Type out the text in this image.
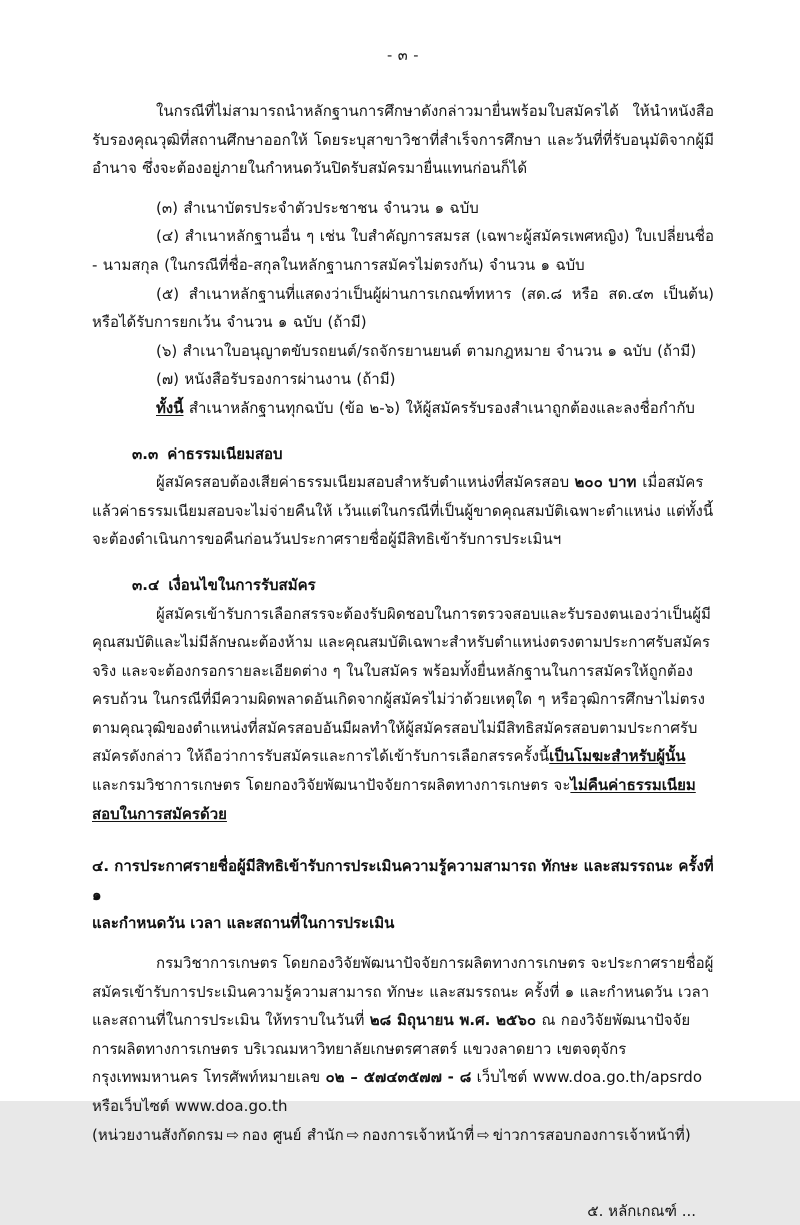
- ๓ -

ในกรณีที่ไม่สามารถนำหลักฐานการศึกษาดังกล่าวมายื่นพร้อมใบสมัครได้ ให้นำหนังสือรับรองคุณวุฒิที่สถานศึกษาออกให้ โดยระบุสาขาวิชาที่สำเร็จการศึกษา และวันที่ที่รับอนุมัติจากผู้มีอำนาจ ซึ่งจะต้องอยู่ภายในกำหนดวันปิดรับสมัครมายื่นแทนก่อนก็ได้

(๓) สำเนาบัตรประจำตัวประชาชน จำนวน ๑ ฉบับ

(๔) สำเนาหลักฐานอื่น ๆ เช่น ใบสำคัญการสมรส (เฉพาะผู้สมัครเพศหญิง) ใบเปลี่ยนชื่อ - นามสกุล (ในกรณีที่ชื่อ-สกุลในหลักฐานการสมัครไม่ตรงกัน) จำนวน ๑ ฉบับ

(๕) สำเนาหลักฐานที่แสดงว่าเป็นผู้ผ่านการเกณฑ์ทหาร (สด.๘ หรือ สด.๔๓ เป็นต้น) หรือได้รับการยกเว้น จำนวน ๑ ฉบับ (ถ้ามี)

(๖) สำเนาใบอนุญาตขับรถยนต์/รถจักรยานยนต์ ตามกฎหมาย จำนวน ๑ ฉบับ (ถ้ามี)

(๗) หนังสือรับรองการผ่านงาน (ถ้ามี)

ทั้งนี้ สำเนาหลักฐานทุกฉบับ (ข้อ ๒-๖) ให้ผู้สมัครรับรองสำเนาถูกต้องและลงชื่อกำกับ

๓.๓ ค่าธรรมเนียมสอบ

ผู้สมัครสอบต้องเสียค่าธรรมเนียมสอบสำหรับตำแหน่งที่สมัครสอบ ๒๐๐ บาท เมื่อสมัครแล้วค่าธรรมเนียมสอบจะไม่จ่ายคืนให้ เว้นแต่ในกรณีที่เป็นผู้ขาดคุณสมบัติเฉพาะตำแหน่ง แต่ทั้งนี้จะต้องดำเนินการขอคืนก่อนวันประกาศรายชื่อผู้มีสิทธิเข้ารับการประเมินฯ

๓.๔ เงื่อนไขในการรับสมัคร

ผู้สมัครเข้ารับการเลือกสรรจะต้องรับผิดชอบในการตรวจสอบและรับรองตนเองว่าเป็นผู้มีคุณสมบัติและไม่มีลักษณะต้องห้าม และคุณสมบัติเฉพาะสำหรับตำแหน่งตรงตามประกาศรับสมัครจริง และจะต้องกรอกรายละเอียดต่าง ๆ ในใบสมัคร พร้อมทั้งยื่นหลักฐานในการสมัครให้ถูกต้องครบถ้วน ในกรณีที่มีความผิดพลาดอันเกิดจากผู้สมัครไม่ว่าด้วยเหตุใด ๆ หรือวุฒิการศึกษาไม่ตรงตามคุณวุฒิของตำแหน่งที่สมัครสอบอันมีผลทำให้ผู้สมัครสอบไม่มีสิทธิสมัครสอบตามประกาศรับสมัครดังกล่าว ให้ถือว่าการรับสมัครและการได้เข้ารับการเลือกสรรครั้งนี้เป็นโมฆะสำหรับผู้นั้น และกรมวิชาการเกษตร โดยกองวิจัยพัฒนาปัจจัยการผลิตทางการเกษตร จะไม่คืนค่าธรรมเนียมสอบในการสมัครด้วย

๔. การประกาศรายชื่อผู้มีสิทธิเข้ารับการประเมินความรู้ความสามารถ ทักษะ และสมรรถนะ ครั้งที่ ๑
และกำหนดวัน เวลา และสถานที่ในการประเมิน

กรมวิชาการเกษตร โดยกองวิจัยพัฒนาปัจจัยการผลิตทางการเกษตร จะประกาศรายชื่อผู้สมัครเข้ารับการประเมินความรู้ความสามารถ ทักษะ และสมรรถนะ ครั้งที่ ๑ และกำหนดวัน เวลา และสถานที่ในการประเมิน ให้ทราบในวันที่ ๒๘ มิถุนายน พ.ศ. ๒๕๖๐ ณ กองวิจัยพัฒนาปัจจัยการผลิตทางการเกษตร บริเวณมหาวิทยาลัยเกษตรศาสตร์ แขวงลาดยาว เขตจตุจักร กรุงเทพมหานคร โทรศัพท์หมายเลข ๐๒ – ๕๗๔๓๕๗๗ - ๘ เว็บไซต์ www.doa.go.th/apsrdo หรือเว็บไซต์ www.doa.go.th

(หน่วยงานสังกัดกรม ⇨ กอง ศูนย์ สำนัก ⇨ กองการเจ้าหน้าที่ ⇨ ข่าวการสอบกองการเจ้าหน้าที่)

๕. หลักเกณฑ์ ...
